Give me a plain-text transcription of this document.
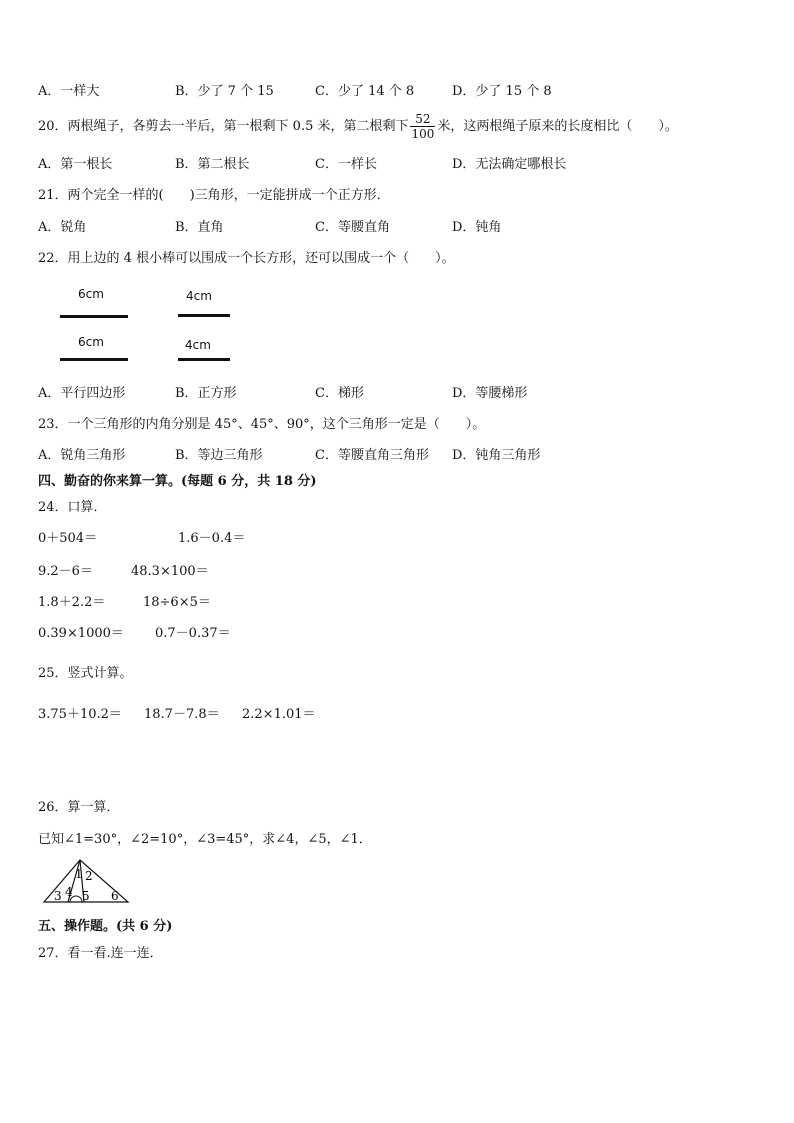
A．一样大	B．少了 7 个 15	C．少了 14 个 8	D．少了 15 个 8
20．两根绳子，各剪去一半后，第一根剩下 0.5 米，第二根剩下 $\frac{52}{100}$ 米，这两根绳子原来的长度相比（　　）。
A．第一根长	B．第二根长	C．一样长	D．无法确定哪根长
21．两个完全一样的(　　)三角形，一定能拼成一个正方形．
A．锐角	B．直角	C．等腰直角	D．钝角
22．用上边的 4 根小棒可以围成一个长方形，还可以围成一个（　　）。
6cm	4cm
6cm	4cm
A．平行四边形	B．正方形	C．梯形	D．等腰梯形
23．一个三角形的内角分别是 45°、45°、90°，这个三角形一定是（　　）。
A．锐角三角形	B．等边三角形	C．等腰直角三角形 D．钝角三角形
四、勤奋的你来算一算。(每题 6 分，共 18 分)
24．口算．
0＋504＝	1.6－0.4＝
9.2－6＝	48.3×100＝
1.8＋2.2＝	18÷6×5＝
0.39×1000＝ 0.7－0.37＝
25．竖式计算。
3.75＋10.2＝ 18.7－7.8＝ 2.2×1.01＝
26．算一算．
已知∠1=30°，∠2=10°，∠3=45°，求∠4，∠5，∠1．
1 2
3 4 5 6
五、操作题。(共 6 分)
27．看一看.连一连．
